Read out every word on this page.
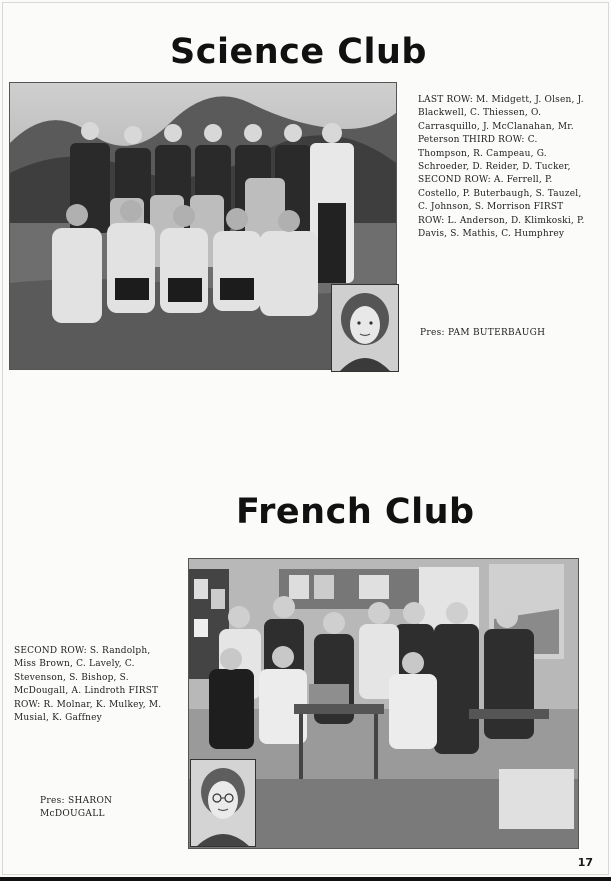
Science Club
LAST ROW: M. Midgett, J. Olsen, J. Blackwell, C. Thiessen, O. Carrasquillo, J. McClanahan, Mr. Peterson THIRD ROW: C. Thompson, R. Campeau, G. Schroeder, D. Reider, D. Tucker, SECOND ROW: A. Ferrell, P. Costello, P. Buterbaugh, S. Tauzel, C. Johnson, S. Morrison FIRST ROW: L. Anderson, D. Klimkoski, P. Davis, S. Mathis, C. Humphrey
Pres: PAM BUTERBAUGH
French Club
SECOND ROW: S. Randolph, Miss Brown, C. Lavely, C. Stevenson, S. Bishop, S. McDougall, A. Lindroth FIRST ROW: R. Molnar, K. Mulkey, M. Musial, K. Gaffney
Pres: SHARON McDOUGALL
17
